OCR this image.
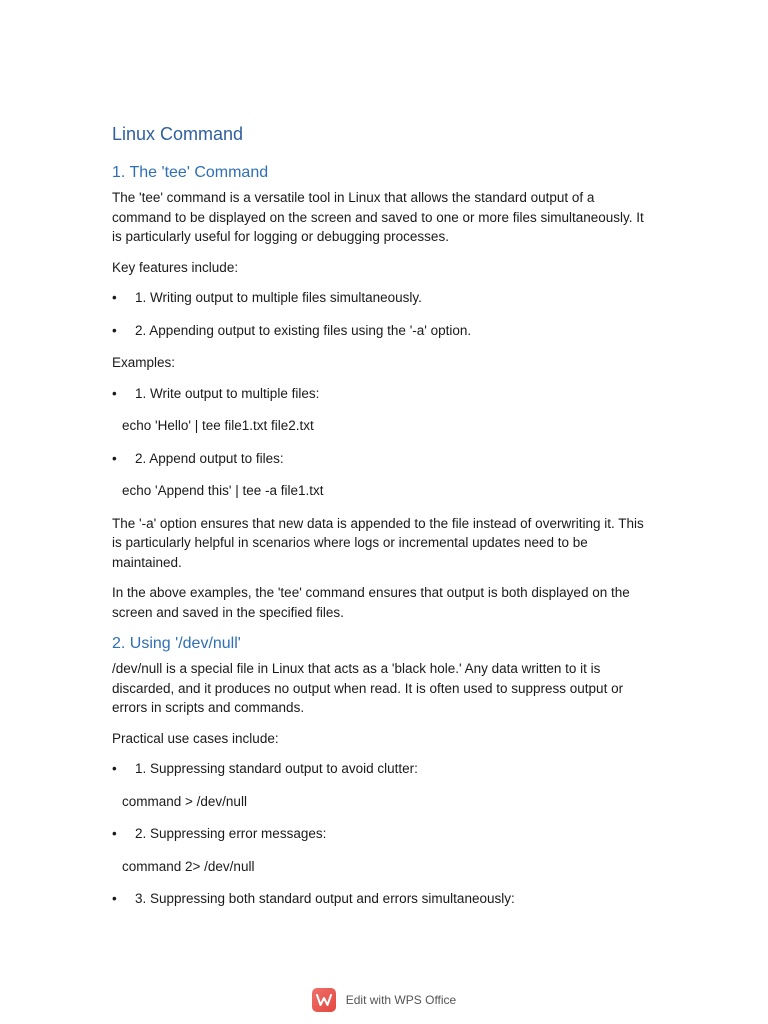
Linux Command
1. The 'tee' Command

The 'tee' command is a versatile tool in Linux that allows the standard output of a command to be displayed on the screen and saved to one or more files simultaneously. It is particularly useful for logging or debugging processes.

Key features include:

•	1. Writing output to multiple files simultaneously.
•	2. Appending output to existing files using the '-a' option.

Examples:

•	1. Write output to multiple files:
echo 'Hello' | tee file1.txt file2.txt
•	2. Append output to files:
echo 'Append this' | tee -a file1.txt

The '-a' option ensures that new data is appended to the file instead of overwriting it. This is particularly helpful in scenarios where logs or incremental updates need to be maintained.

In the above examples, the 'tee' command ensures that output is both displayed on the screen and saved in the specified files.

2. Using '/dev/null'

/dev/null is a special file in Linux that acts as a 'black hole.' Any data written to it is discarded, and it produces no output when read. It is often used to suppress output or errors in scripts and commands.

Practical use cases include:

•	1. Suppressing standard output to avoid clutter:
command > /dev/null
•	2. Suppressing error messages:
command 2> /dev/null
•	3. Suppressing both standard output and errors simultaneously:
Edit with WPS Office
